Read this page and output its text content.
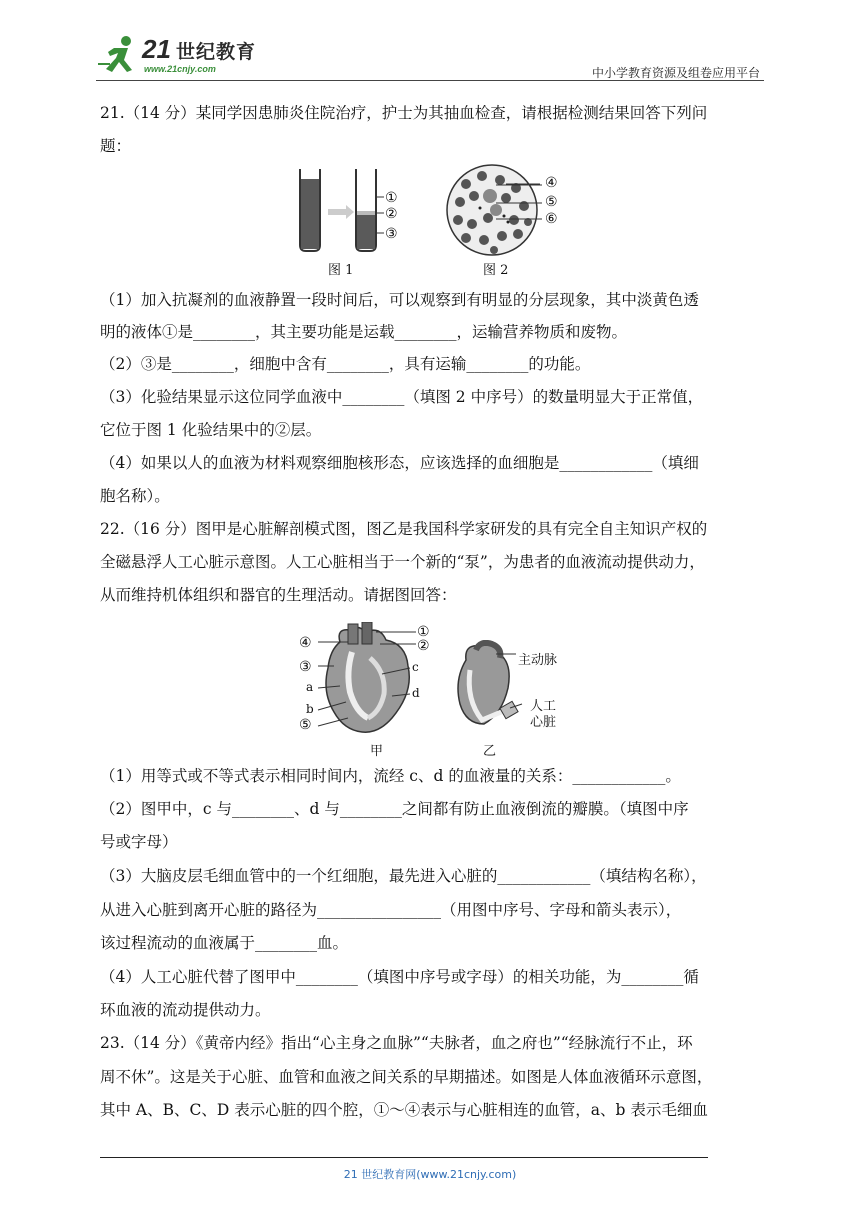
21 世纪教育
www.21cnjy.com	中小学教育资源及组卷应用平台
21.（14 分）某同学因患肺炎住院治疗，护士为其抽血检查，请根据检测结果回答下列问
题：
①
②
③
图 1
④
⑤
⑥
图 2
（1）加入抗凝剂的血液静置一段时间后，可以观察到有明显的分层现象，其中淡黄色透
明的液体①是________，其主要功能是运载________，运输营养物质和废物。
（2）③是________，细胞中含有________，具有运输________的功能。
（3）化验结果显示这位同学血液中________（填图 2 中序号）的数量明显大于正常值，
它位于图 1 化验结果中的②层。
（4）如果以人的血液为材料观察细胞核形态，应该选择的血细胞是____________（填细
胞名称）。
22.（16 分）图甲是心脏解剖模式图，图乙是我国科学家研发的具有完全自主知识产权的
全磁悬浮人工心脏示意图。人工心脏相当于一个新的“泵”，为患者的血液流动提供动力，
从而维持机体组织和器官的生理活动。请据图回答：
④
①
②
③	c
a	d
b
⑤
甲
主动脉
人工
心脏
乙
（1）用等式或不等式表示相同时间内，流经 c、d 的血液量的关系：____________。
（2）图甲中，c 与________、d 与________之间都有防止血液倒流的瓣膜。（填图中序
号或字母）
（3）大脑皮层毛细血管中的一个红细胞，最先进入心脏的____________（填结构名称），
从进入心脏到离开心脏的路径为________________（用图中序号、字母和箭头表示），
该过程流动的血液属于________血。
（4）人工心脏代替了图甲中________（填图中序号或字母）的相关功能，为________循
环血液的流动提供动力。
23.（14 分）《黄帝内经》指出“心主身之血脉”“夫脉者，血之府也”“经脉流行不止，环
周不休”。这是关于心脏、血管和血液之间关系的早期描述。如图是人体血液循环示意图，
其中 A、B、C、D 表示心脏的四个腔，①～④表示与心脏相连的血管，a、b 表示毛细血
21 世纪教育网(www.21cnjy.com)
